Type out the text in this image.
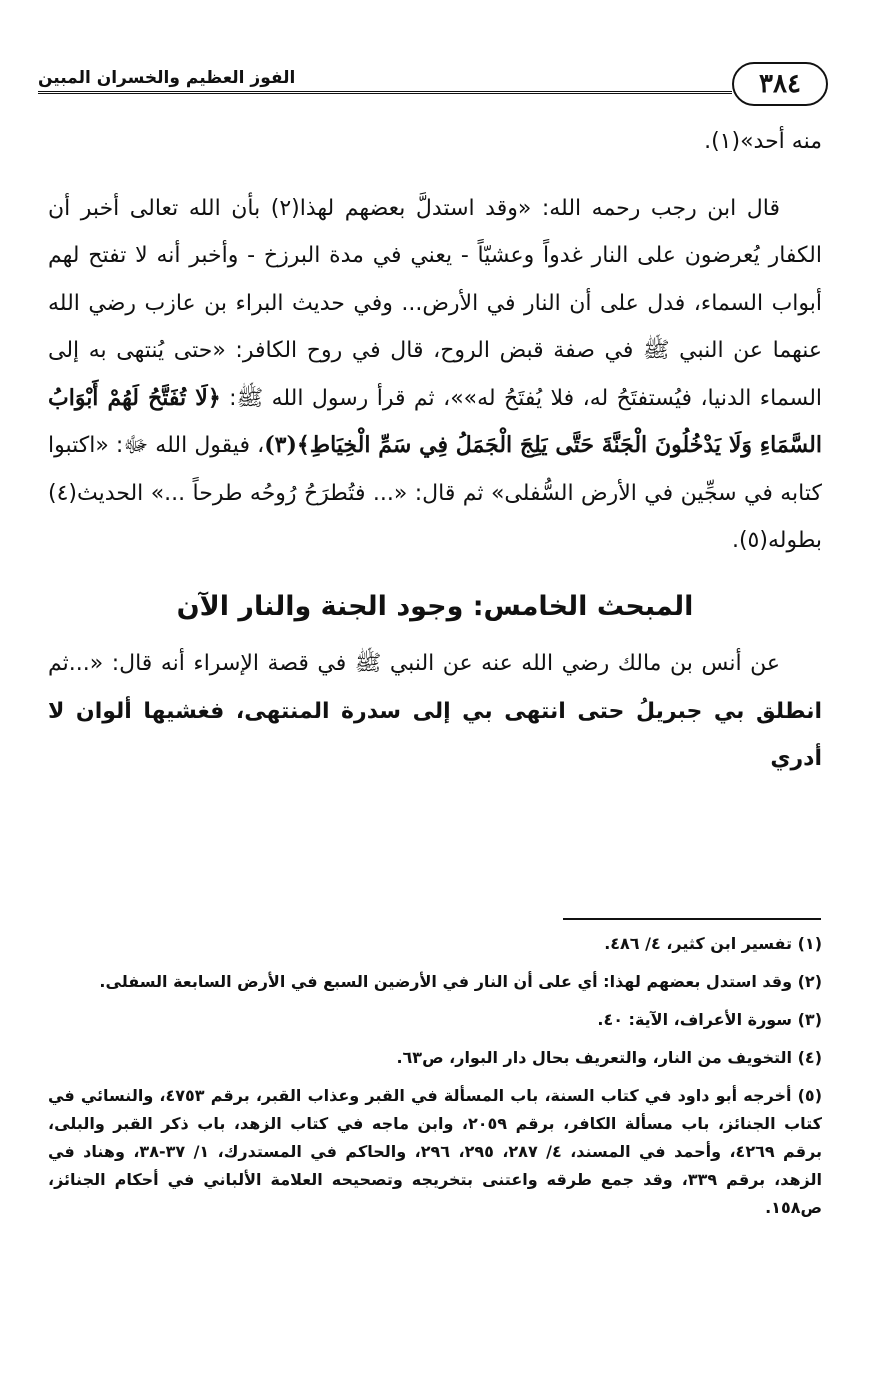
٣٨٤
الفوز العظيم والخسران المبين

منه أحد»(١).

قال ابن رجب رحمه الله: «وقد استدلَّ بعضهم لهذا(٢) بأن الله تعالى أخبر أن الكفار يُعرضون على النار غدواً وعشيّاً - يعني في مدة البرزخ - وأخبر أنه لا تفتح لهم أبواب السماء، فدل على أن النار في الأرض... وفي حديث البراء بن عازب رضي الله عنهما عن النبي ﷺ في صفة قبض الروح، قال في روح الكافر: «حتى يُنتهى به إلى السماء الدنيا، فيُستفتَحُ له، فلا يُفتَحُ له»»، ثم قرأ رسول الله ﷺ: ﴿لَا تُفَتَّحُ لَهُمْ أَبْوَابُ السَّمَاءِ وَلَا يَدْخُلُونَ الْجَنَّةَ حَتَّى يَلِجَ الْجَمَلُ فِي سَمِّ الْخِيَاطِ﴾(٣)، فيقول الله ﷻ: «اكتبوا كتابه في سجِّين في الأرض السُّفلى» ثم قال: «... فتُطرَحُ رُوحُه طرحاً ...» الحديث(٤) بطوله(٥).

المبحث الخامس: وجود الجنة والنار الآن

عن أنس بن مالك رضي الله عنه عن النبي ﷺ في قصة الإسراء أنه قال: «...ثم انطلق بي جبريلُ حتى انتهى بي إلى سدرة المنتهى، فغشيها ألوان لا أدري

(١) تفسير ابن كثير، ٤/ ٤٨٦.

(٢) وقد استدل بعضهم لهذا: أي على أن النار في الأرضين السبع في الأرض السابعة السفلى.

(٣) سورة الأعراف، الآية: ٤٠.

(٤) التخويف من النار، والتعريف بحال دار البوار، ص٦٣.

(٥) أخرجه أبو داود في كتاب السنة، باب المسألة في القبر وعذاب القبر، برقم ٤٧٥٣، والنسائي في كتاب الجنائز، باب مسألة الكافر، برقم ٢٠٥٩، وابن ماجه في كتاب الزهد، باب ذكر القبر والبلى، برقم ٤٢٦٩، وأحمد في المسند، ٤/ ٢٨٧، ٢٩٥، ٢٩٦، والحاكم في المستدرك، ١/ ٣٧-٣٨، وهناد في الزهد، برقم ٣٣٩، وقد جمع طرقه واعتنى بتخريجه وتصحيحه العلامة الألباني في أحكام الجنائز، ص١٥٨.
